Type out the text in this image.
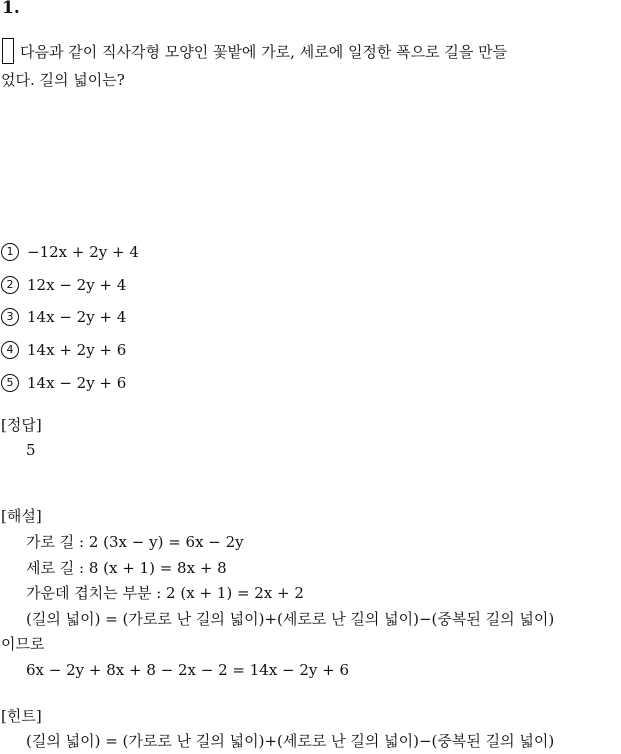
1.
다음과 같이 직사각형 모양인 꽃밭에 가로, 세로에 일정한 폭으로 길을 만들
었다. 길의 넓이는?
1 −12x + 2y + 4
2 12x − 2y + 4
3 14x − 2y + 4
4 14x + 2y + 6
5 14x − 2y + 6
[정답]
5
[해설]
가로 길 : 2 (3x − y) = 6x − 2y
세로 길 : 8 (x + 1) = 8x + 8
가운데 겹치는 부분 : 2 (x + 1) = 2x + 2
(길의 넓이) = (가로로 난 길의 넓이)+(세로로 난 길의 넓이)−(중복된 길의 넓이)
이므로
6x − 2y + 8x + 8 − 2x − 2 = 14x − 2y + 6
[힌트]
(길의 넓이) = (가로로 난 길의 넓이)+(세로로 난 길의 넓이)−(중복된 길의 넓이)
